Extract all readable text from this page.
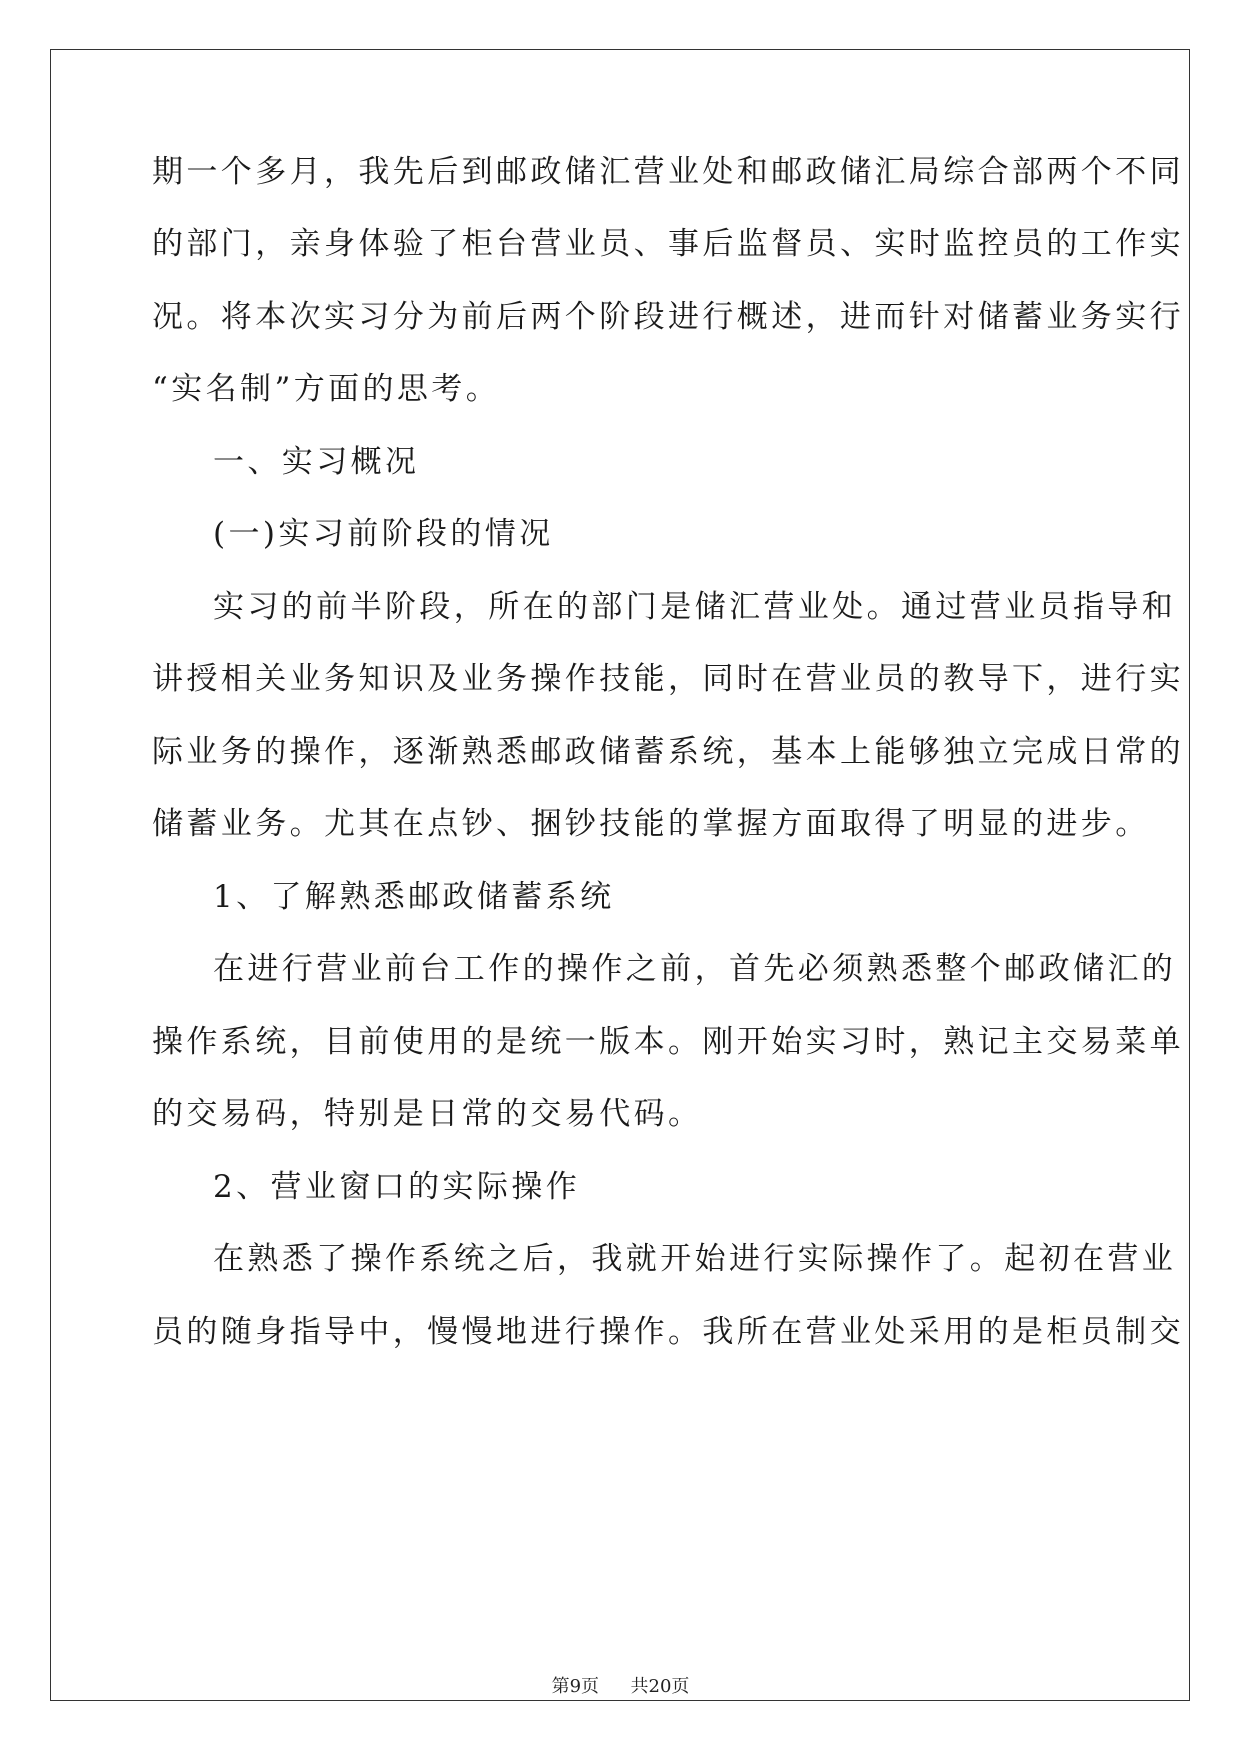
期一个多月，我先后到邮政储汇营业处和邮政储汇局综合部两个不同
的部门，亲身体验了柜台营业员、事后监督员、实时监控员的工作实
况。将本次实习分为前后两个阶段进行概述，进而针对储蓄业务实行
“实名制”方面的思考。
一、实习概况
(一)实习前阶段的情况
实习的前半阶段，所在的部门是储汇营业处。通过营业员指导和
讲授相关业务知识及业务操作技能，同时在营业员的教导下，进行实
际业务的操作，逐渐熟悉邮政储蓄系统，基本上能够独立完成日常的
储蓄业务。尤其在点钞、捆钞技能的掌握方面取得了明显的进步。
1、了解熟悉邮政储蓄系统
在进行营业前台工作的操作之前，首先必须熟悉整个邮政储汇的
操作系统，目前使用的是统一版本。刚开始实习时，熟记主交易菜单
的交易码，特别是日常的交易代码。
2、营业窗口的实际操作
在熟悉了操作系统之后，我就开始进行实际操作了。起初在营业
员的随身指导中，慢慢地进行操作。我所在营业处采用的是柜员制交
第9页 共20页
